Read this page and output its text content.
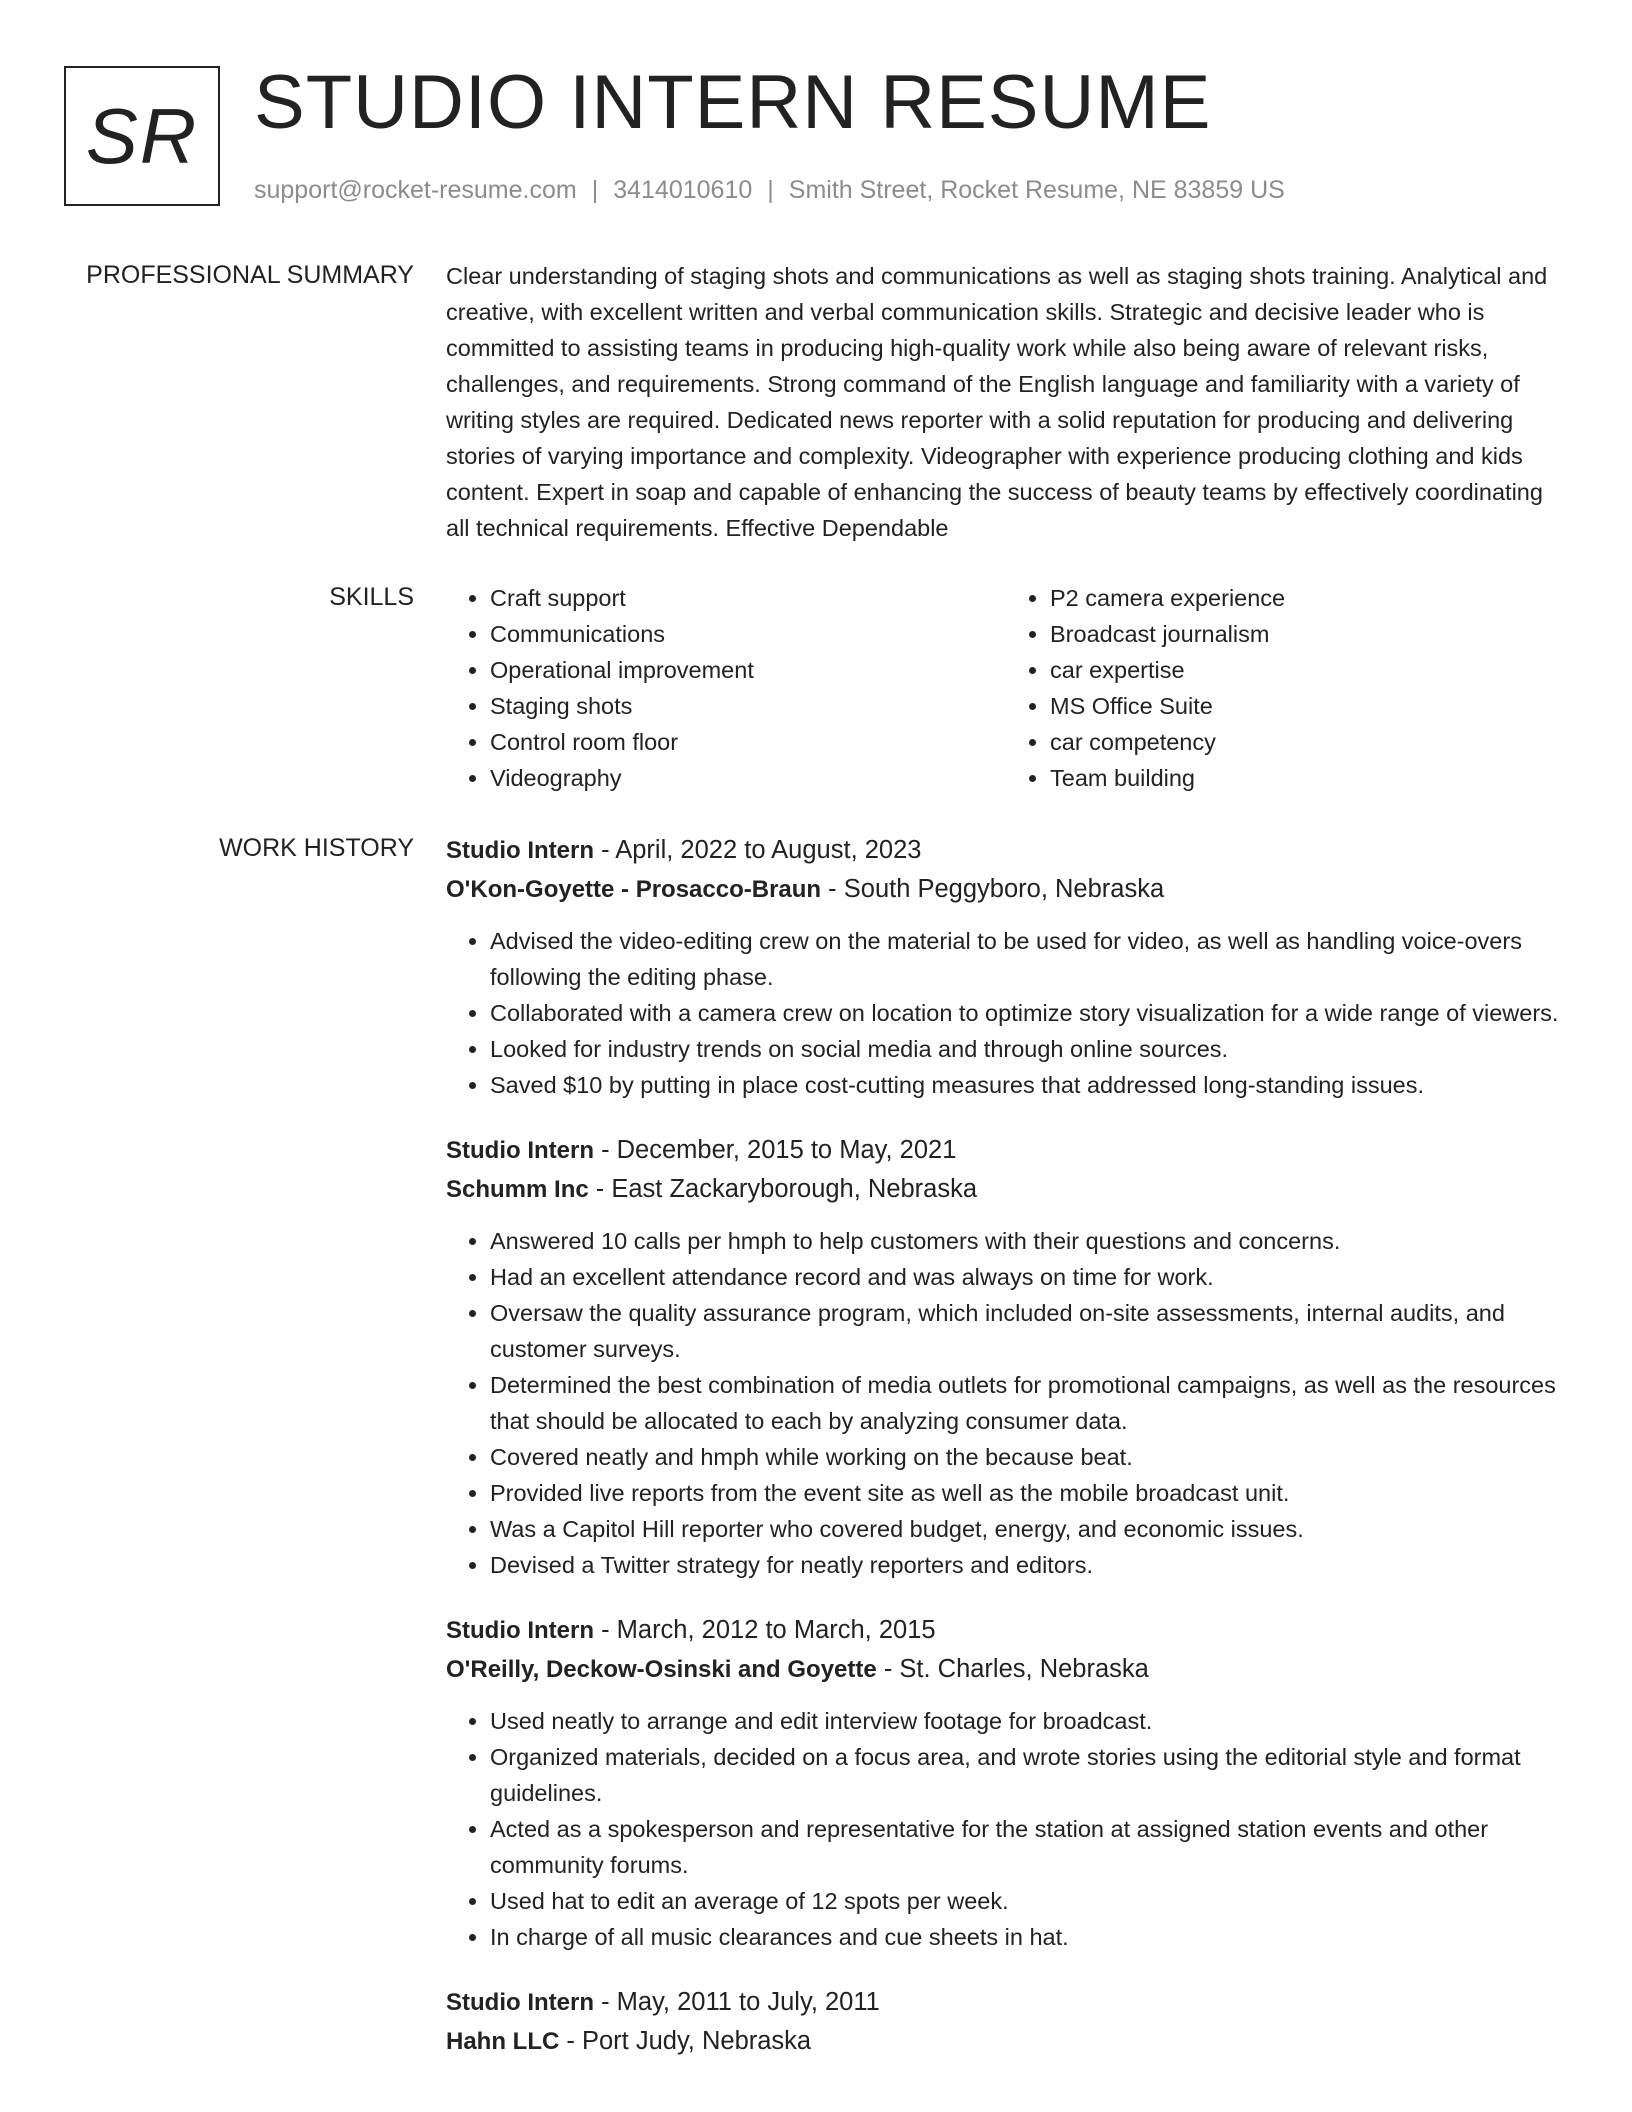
SR STUDIO INTERN RESUME
support@rocket-resume.com | 3414010610 | Smith Street, Rocket Resume, NE 83859 US
PROFESSIONAL SUMMARY Clear understanding of staging shots and communications as well as staging shots training. Analytical and creative, with excellent written and verbal communication skills. Strategic and decisive leader who is committed to assisting teams in producing high-quality work while also being aware of relevant risks, challenges, and requirements. Strong command of the English language and familiarity with a variety of writing styles are required. Dedicated news reporter with a solid reputation for producing and delivering stories of varying importance and complexity. Videographer with experience producing clothing and kids content. Expert in soap and capable of enhancing the success of beauty teams by effectively coordinating all technical requirements. Effective Dependable

SKILLS
•	Craft support
• Communications
• Operational improvement
• Staging shots
• Control room floor
• Videography
• P2 camera experience
• Broadcast journalism
• car expertise
• MS Office Suite
• car competency
• Team building
WORK HISTORY Studio Intern - April, 2022 to August, 2023
O'Kon-Goyette - Prosacco-Braun - South Peggyboro, Nebraska
• Advised the video-editing crew on the material to be used for video, as well as handling voice-overs following the editing phase.
• Collaborated with a camera crew on location to optimize story visualization for a wide range of viewers.
• Looked for industry trends on social media and through online sources.
• Saved $10 by putting in place cost-cutting measures that addressed long-standing issues.
Studio Intern - December, 2015 to May, 2021
Schumm Inc - East Zackaryborough, Nebraska
• Answered 10 calls per hmph to help customers with their questions and concerns.
• Had an excellent attendance record and was always on time for work.
• Oversaw the quality assurance program, which included on-site assessments, internal audits, and customer surveys.
• Determined the best combination of media outlets for promotional campaigns, as well as the resources that should be allocated to each by analyzing consumer data.
• Covered neatly and hmph while working on the because beat.
• Provided live reports from the event site as well as the mobile broadcast unit.
• Was a Capitol Hill reporter who covered budget, energy, and economic issues.
• Devised a Twitter strategy for neatly reporters and editors.
Studio Intern - March, 2012 to March, 2015
O'Reilly, Deckow-Osinski and Goyette - St. Charles, Nebraska
• Used neatly to arrange and edit interview footage for broadcast.
• Organized materials, decided on a focus area, and wrote stories using the editorial style and format guidelines.
• Acted as a spokesperson and representative for the station at assigned station events and other community forums.
• Used hat to edit an average of 12 spots per week.
• In charge of all music clearances and cue sheets in hat.
Studio Intern - May, 2011 to July, 2011
Hahn LLC - Port Judy, Nebraska
